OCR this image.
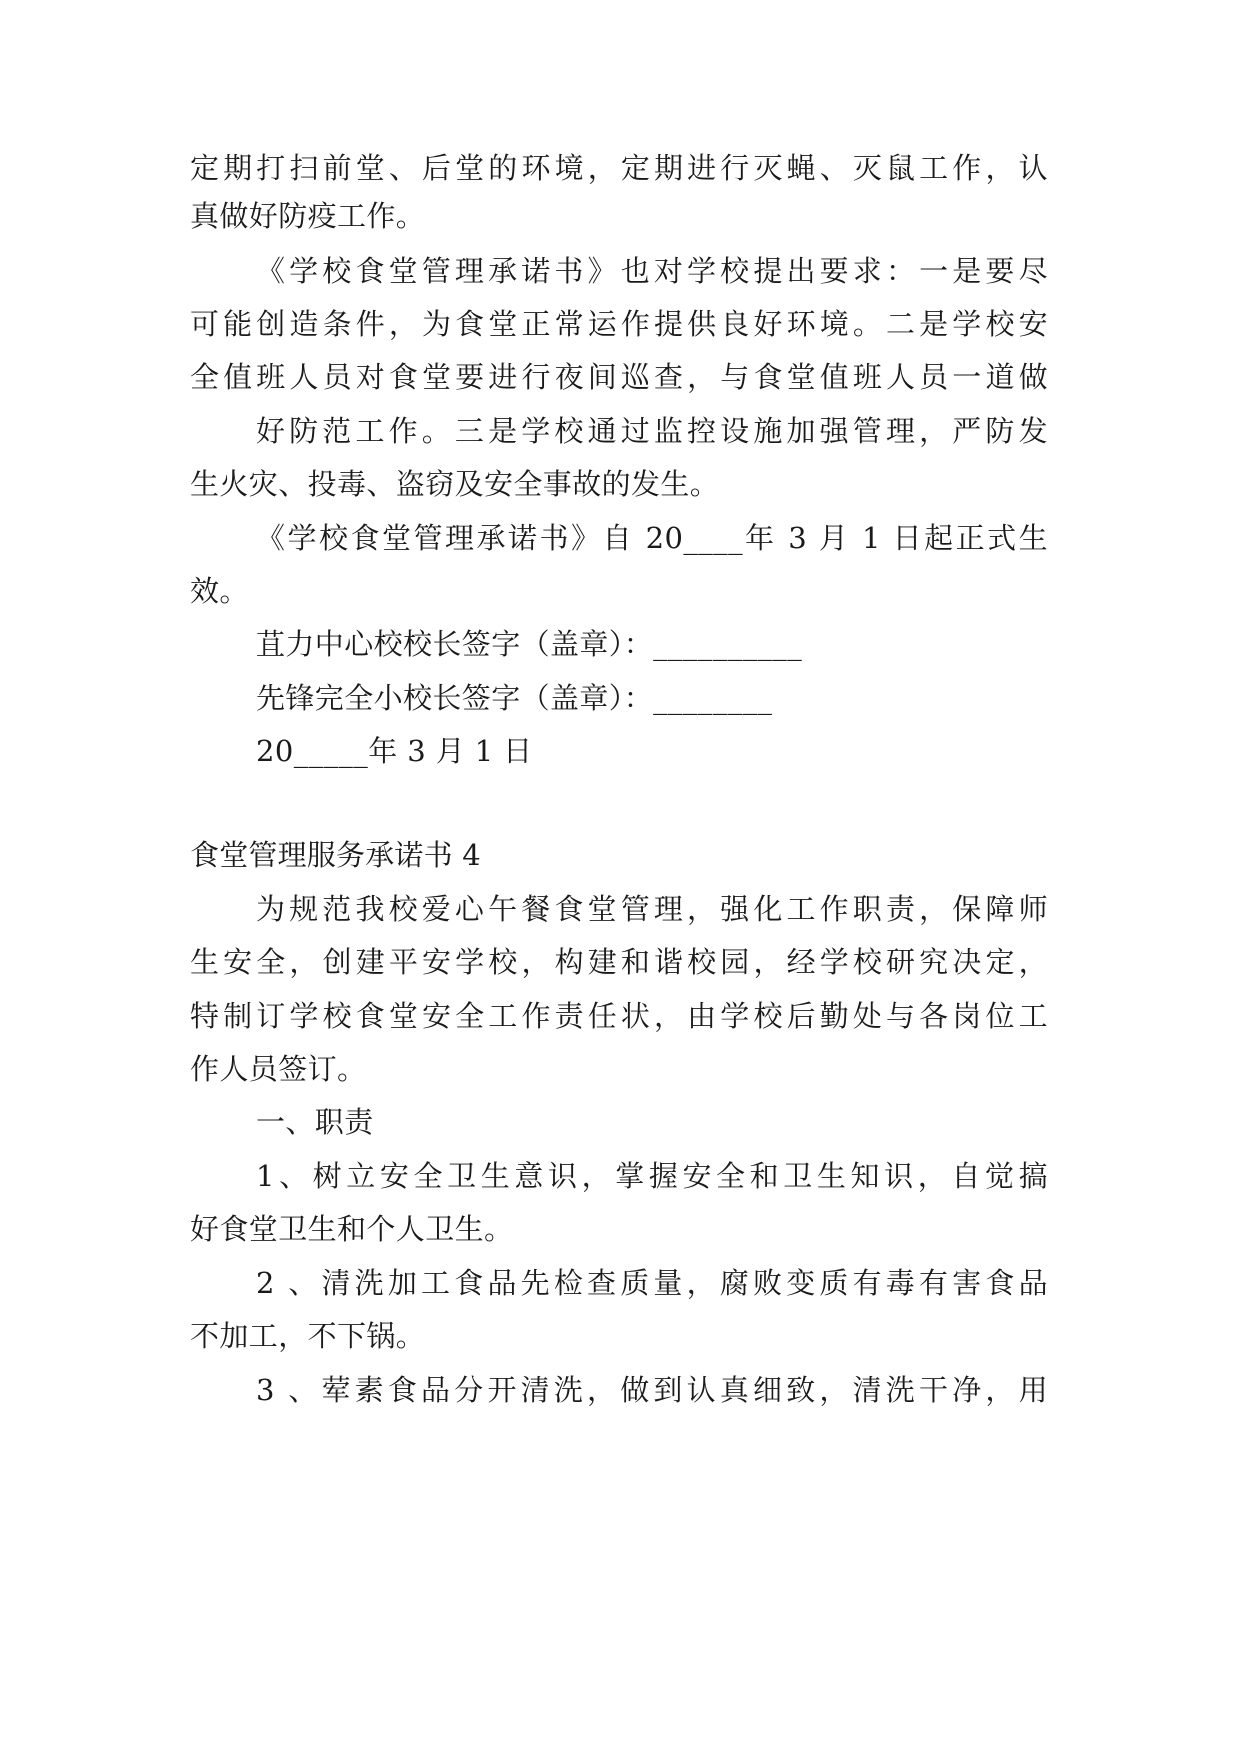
定期打扫前堂、后堂的环境，定期进行灭蝇、灭鼠工作，认
真做好防疫工作。
《学校食堂管理承诺书》也对学校提出要求：一是要尽
可能创造条件，为食堂正常运作提供良好环境。二是学校安
全值班人员对食堂要进行夜间巡查，与食堂值班人员一道做
好防范工作。三是学校通过监控设施加强管理，严防发
生火灾、投毒、盗窃及安全事故的发生。
《学校食堂管理承诺书》自 20____年 3 月 1 日起正式生
效。
苴力中心校校长签字（盖章）：__________
先锋完全小校长签字（盖章）：________
20_____年 3 月 1 日
食堂管理服务承诺书 4
为规范我校爱心午餐食堂管理，强化工作职责，保障师
生安全，创建平安学校，构建和谐校园，经学校研究决定，
特制订学校食堂安全工作责任状，由学校后勤处与各岗位工
作人员签订。
一、职责
1、树立安全卫生意识，掌握安全和卫生知识，自觉搞
好食堂卫生和个人卫生。
2 、清洗加工食品先检查质量，腐败变质有毒有害食品
不加工，不下锅。
3 、荤素食品分开清洗，做到认真细致，清洗干净，用
